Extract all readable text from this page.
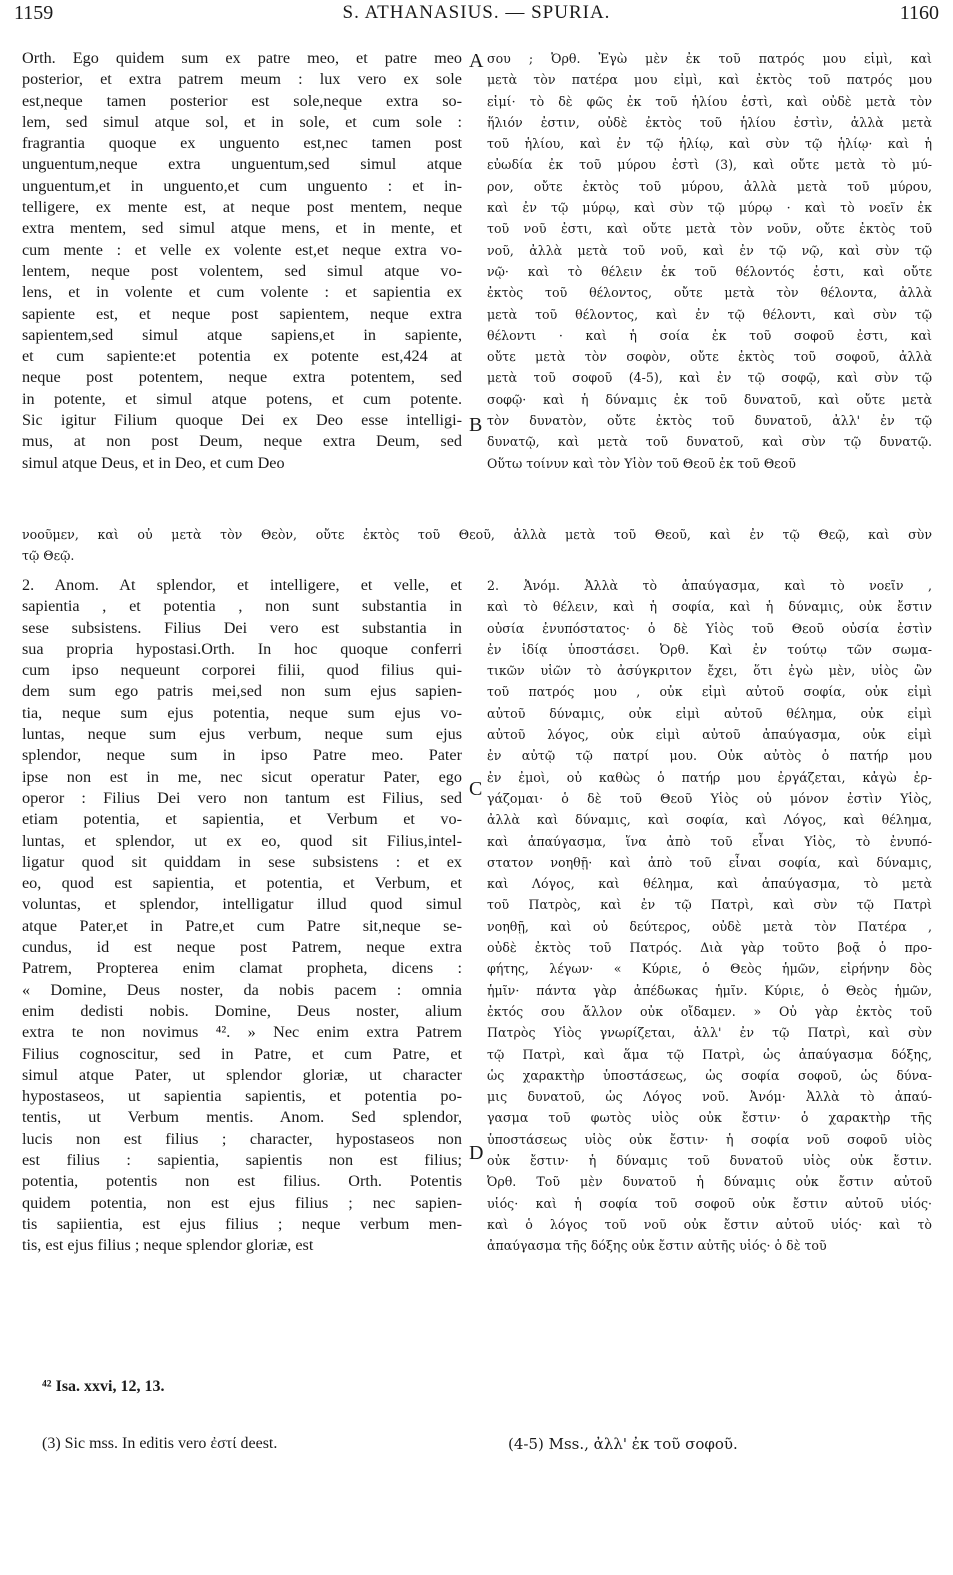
1159	S. ATHANASIUS. — SPURIA.	1160

Orth. Ego quidem sum ex patre meo, et patre meo

posterior, et extra patrem meum : lux vero ex sole

est,neque tamen posterior est sole,neque extra so-

lem, sed simul atque sol, et in sole, et cum sole :

fragrantia quoque ex unguento est,nec tamen post

unguentum,neque extra unguentum,sed simul atque

unguentum,et in unguento,et cum unguento : et in-

telligere, ex mente est, at neque post mentem, neque

extra mentem, sed simul atque mens, et in mente, et

cum mente : et velle ex volente est,et neque extra vo-

lentem, neque post volentem, sed simul atque vo-

lens, et in volente et cum volente : et sapientia ex

sapiente est, et neque post sapientem, neque extra

sapientem,sed simul atque sapiens,et in sapiente,

et cum sapiente:et potentia ex potente est,424 at

neque post potentem, neque extra potentem, sed

in potente, et simul atque potens, et cum potente.

Sic igitur Filium quoque Dei ex Deo esse intelligi-

mus, at non post Deum, neque extra Deum, sed

simul atque Deus, et in Deo, et cum Deo

σου ; Ὀρθ. Ἐγὼ μὲν ἐκ τοῦ πατρός μου εἰμὶ, καὶ

μετὰ τὸν πατέρα μου εἰμὶ, καὶ ἐκτὸς τοῦ πατρός μου

εἰμί· τὸ δὲ φῶς ἐκ τοῦ ἡλίου ἐστὶ, καὶ οὐδὲ μετὰ τὸν

ἥλιόν ἐστιν, οὐδὲ ἐκτὸς τοῦ ἡλίου ἐστὶν, ἀλλὰ μετὰ

τοῦ ἡλίου, καὶ ἐν τῷ ἡλίῳ, καὶ σὺν τῷ ἡλίῳ· καὶ ἡ

εὐωδία ἐκ τοῦ μύρου ἐστὶ (3), καὶ οὔτε μετὰ τὸ μύ-

ρον, οὔτε ἐκτὸς τοῦ μύρου, ἀλλὰ μετὰ τοῦ μύρου,

καὶ ἐν τῷ μύρῳ, καὶ σὺν τῷ μύρῳ · καὶ τὸ νοεῖν ἐκ

τοῦ νοῦ ἐστι, καὶ οὔτε μετὰ τὸν νοῦν, οὔτε ἐκτὸς τοῦ

νοῦ, ἀλλὰ μετὰ τοῦ νοῦ, καὶ ἐν τῷ νῷ, καὶ σὺν τῷ

νῷ· καὶ τὸ θέλειν ἐκ τοῦ θέλοντός ἐστι, καὶ οὔτε

ἐκτὸς τοῦ θέλοντος, οὔτε μετὰ τὸν θέλοντα, ἀλλὰ

μετὰ τοῦ θέλοντος, καὶ ἐν τῷ θέλοντι, καὶ σὺν τῷ

θέλοντι · καὶ ἡ σοία ἐκ τοῦ σοφοῦ ἐστι, καὶ

οὔτε μετὰ τὸν σοφὸν, οὔτε ἐκτὸς τοῦ σοφοῦ, ἀλλὰ

μετὰ τοῦ σοφοῦ (4-5), καὶ ἐν τῷ σοφῷ, καὶ σὺν τῷ

σοφῷ· καὶ ἡ δύναμις ἐκ τοῦ δυνατοῦ, καὶ οὔτε μετὰ

τὸν δυνατὸν, οὔτε ἐκτὸς τοῦ δυνατοῦ, ἀλλ' ἐν τῷ

δυνατῷ, καὶ μετὰ τοῦ δυνατοῦ, καὶ σὺν τῷ δυνατῷ.

Οὕτω τοίνυν καὶ τὸν Υἱὸν τοῦ Θεοῦ ἐκ τοῦ Θεοῦ

A
B
C
D

νοοῦμεν, καὶ οὐ μετὰ τὸν Θεὸν, οὔτε ἐκτὸς τοῦ Θεοῦ, ἀλλὰ μετὰ τοῦ Θεοῦ, καὶ ἐν τῷ Θεῷ, καὶ σὺν

τῷ Θεῷ.

2. Anom. At splendor, et intelligere, et velle, et

sapientia , et potentia , non sunt substantia in

sese subsistens. Filius Dei vero est substantia in

sua propria hypostasi.Orth. In hoc quoque conferri

cum ipso nequeunt corporei filii, quod filius qui-

dem sum ego patris mei,sed non sum ejus sapien-

tia, neque sum ejus potentia, neque sum ejus vo-

luntas, neque sum ejus verbum, neque sum ejus

splendor, neque sum in ipso Patre meo. Pater

ipse non est in me, nec sicut operatur Pater, ego

operor : Filius Dei vero non tantum est Filius, sed

etiam potentia, et sapientia, et Verbum et vo-

luntas, et splendor, ut ex eo, quod sit Filius,intel-

ligatur quod sit quiddam in sese subsistens : et ex

eo, quod est sapientia, et potentia, et Verbum, et

voluntas, et splendor, intelligatur illud quod simul

atque Pater,et in Patre,et cum Patre sit,neque se-

cundus, id est neque post Patrem, neque extra

Patrem, Propterea enim clamat propheta, dicens :

« Domine, Deus noster, da nobis pacem : omnia

enim dedisti nobis. Domine, Deus noster, alium

extra te non novimus ⁴². » Nec enim extra Patrem

Filius cognoscitur, sed in Patre, et cum Patre, et

simul atque Pater, ut splendor gloriæ, ut character

hypostaseos, ut sapientia sapientis, et potentia po-

tentis, ut Verbum mentis. Anom. Sed splendor,

lucis non est filius ; character, hypostaseos non

est filius : sapientia, sapientis non est filius;

potentia, potentis non est filius. Orth. Potentis

quidem potentia, non est ejus filius ; nec sapien-

tis sapiientia, est ejus filius ; neque verbum men-

tis, est ejus filius ; neque splendor gloriæ, est

2. Ἀνόμ. Ἀλλὰ τὸ ἀπαύγασμα, καὶ τὸ νοεῖν ,

καὶ τὸ θέλειν, καὶ ἡ σοφία, καὶ ἡ δύναμις, οὐκ ἔστιν

οὐσία ἐνυπόστατος· ὁ δὲ Υἱὸς τοῦ Θεοῦ οὐσία ἐστὶν

ἐν ἰδίᾳ ὑποστάσει. Ὀρθ. Καὶ ἐν τούτῳ τῶν σωμα-

τικῶν υἱῶν τὸ ἀσύγκριτον ἔχει, ὅτι ἐγὼ μὲν, υἱὸς ὢν

τοῦ πατρός μου , οὐκ εἰμὶ αὐτοῦ σοφία, οὐκ εἰμὶ

αὐτοῦ δύναμις, οὐκ εἰμὶ αὐτοῦ θέλημα, οὐκ εἰμὶ

αὐτοῦ λόγος, οὐκ εἰμὶ αὐτοῦ ἀπαύγασμα, οὐκ εἰμὶ

ἐν αὐτῷ τῷ πατρί μου. Οὐκ αὐτὸς ὁ πατήρ μου

ἐν ἐμοὶ, οὐ καθὼς ὁ πατήρ μου ἐργάζεται, κἀγὼ ἐρ-

γάζομαι· ὁ δὲ τοῦ Θεοῦ Υἱὸς οὐ μόνον ἐστὶν Υἱὸς,

ἀλλὰ καὶ δύναμις, καὶ σοφία, καὶ Λόγος, καὶ θέλημα,

καὶ ἀπαύγασμα, ἵνα ἀπὸ τοῦ εἶναι Υἱὸς, τὸ ἐνυπό-

στατον νοηθῇ· καὶ ἀπὸ τοῦ εἶναι σοφία, καὶ δύναμις,

καὶ Λόγος, καὶ θέλημα, καὶ ἀπαύγασμα, τὸ μετὰ

τοῦ Πατρὸς, καὶ ἐν τῷ Πατρὶ, καὶ σὺν τῷ Πατρὶ

νοηθῇ, καὶ οὐ δεύτερος, οὐδὲ μετὰ τὸν Πατέρα ,

οὐδὲ ἐκτὸς τοῦ Πατρός. Διὰ γὰρ τοῦτο βοᾷ ὁ προ-

φήτης, λέγων· « Κύριε, ὁ Θεὸς ἡμῶν, εἰρήνην δὸς

ἡμῖν· πάντα γὰρ ἀπέδωκας ἡμῖν. Κύριε, ὁ Θεὸς ἡμῶν,

ἐκτός σου ἄλλον οὐκ οἴδαμεν. » Οὐ γὰρ ἐκτὸς τοῦ

Πατρὸς Υἱὸς γνωρίζεται, ἀλλ' ἐν τῷ Πατρὶ, καὶ σὺν

τῷ Πατρὶ, καὶ ἅμα τῷ Πατρὶ, ὡς ἀπαύγασμα δόξης,

ὡς χαρακτὴρ ὑποστάσεως, ὡς σοφία σοφοῦ, ὡς δύνα-

μις δυνατοῦ, ὡς Λόγος νοῦ. Ἀνόμ· Ἀλλὰ τὸ ἀπαύ-

γασμα τοῦ φωτὸς υἱὸς οὐκ ἔστιν· ὁ χαρακτὴρ τῆς

ὑποστάσεως υἱὸς οὐκ ἔστιν· ἡ σοφία νοῦ σοφοῦ υἱὸς

οὐκ ἔστιν· ἡ δύναμις τοῦ δυνατοῦ υἱὸς οὐκ ἔστιν.

Ὀρθ. Τοῦ μὲν δυνατοῦ ἡ δύναμις οὐκ ἔστιν αὐτοῦ

υἱός· καὶ ἡ σοφία τοῦ σοφοῦ οὐκ ἔστιν αὐτοῦ υἱός·

καὶ ὁ λόγος τοῦ νοῦ οὐκ ἔστιν αὐτοῦ υἱός· καὶ τὸ

ἀπαύγασμα τῆς δόξης οὐκ ἔστιν αὐτῆς υἱός· ὁ δὲ τοῦ

⁴² Isa. xxvi, 12, 13.
(3) Sic mss. In editis vero ἐστί deest.	(4-5) Mss., ἀλλ' ἐκ τοῦ σοφοῦ.
